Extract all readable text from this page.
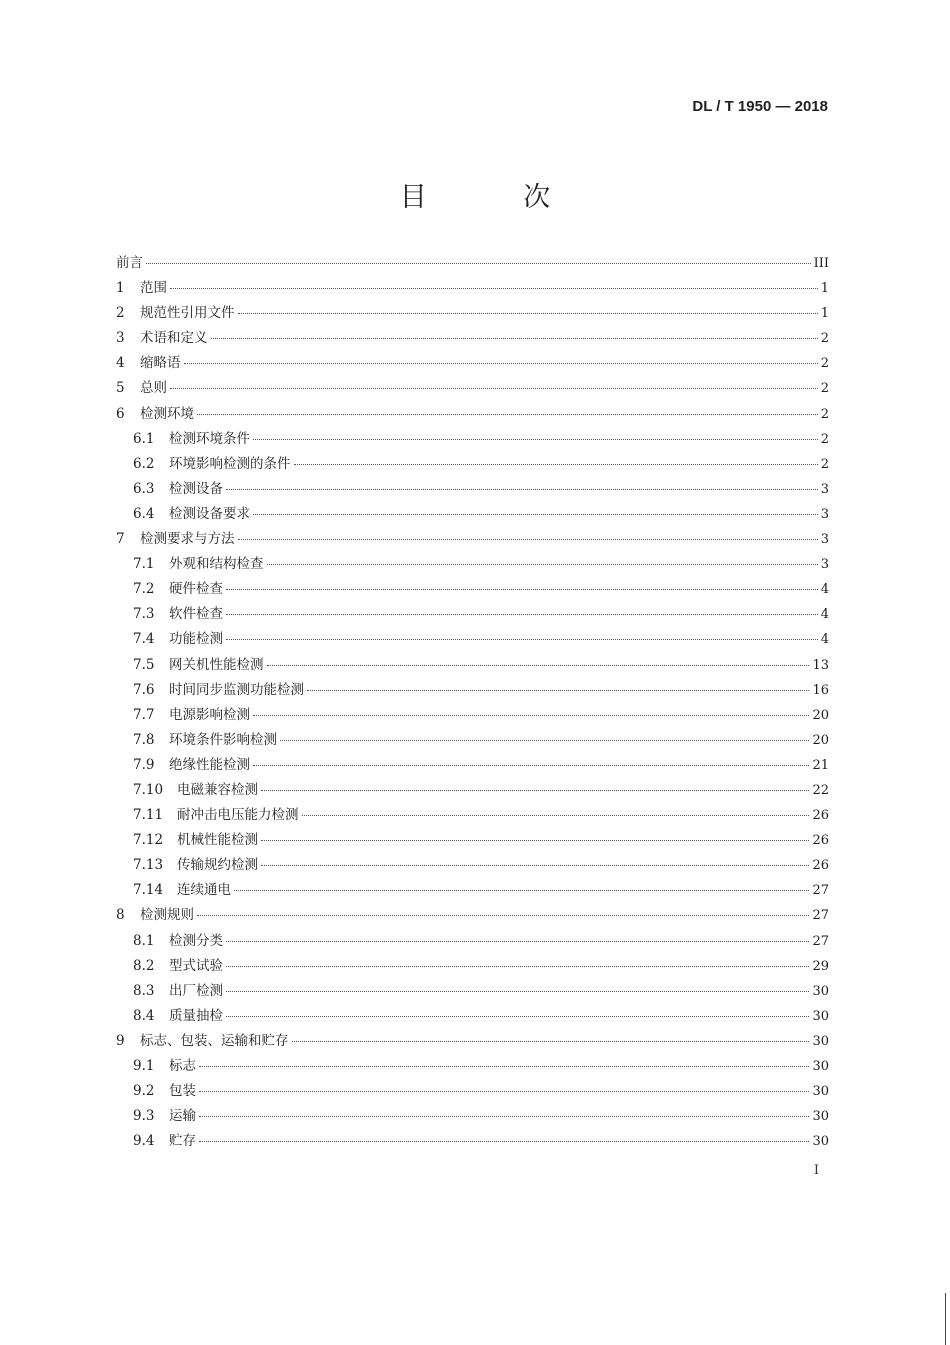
DL / T 1950 — 2018
目 次
前言	III
1	范围	1
2	规范性引用文件	1
3	术语和定义	2
4	缩略语	2
5	总则	2
6	检测环境	2
6.1	检测环境条件	2
6.2	环境影响检测的条件	2
6.3	检测设备	3
6.4	检测设备要求	3
7	检测要求与方法	3
7.1	外观和结构检查	3
7.2	硬件检查	4
7.3	软件检查	4
7.4	功能检测	4
7.5	网关机性能检测	13
7.6	时间同步监测功能检测	16
7.7	电源影响检测	20
7.8	环境条件影响检测	20
7.9	绝缘性能检测	21
7.10	电磁兼容检测	22
7.11	耐冲击电压能力检测	26
7.12	机械性能检测	26
7.13	传输规约检测	26
7.14	连续通电	27
8	检测规则	27
8.1	检测分类	27
8.2	型式试验	29
8.3	出厂检测	30
8.4	质量抽检	30
9	标志、包装、运输和贮存	30
9.1	标志	30
9.2	包装	30
9.3	运输	30
9.4	贮存	30
I
